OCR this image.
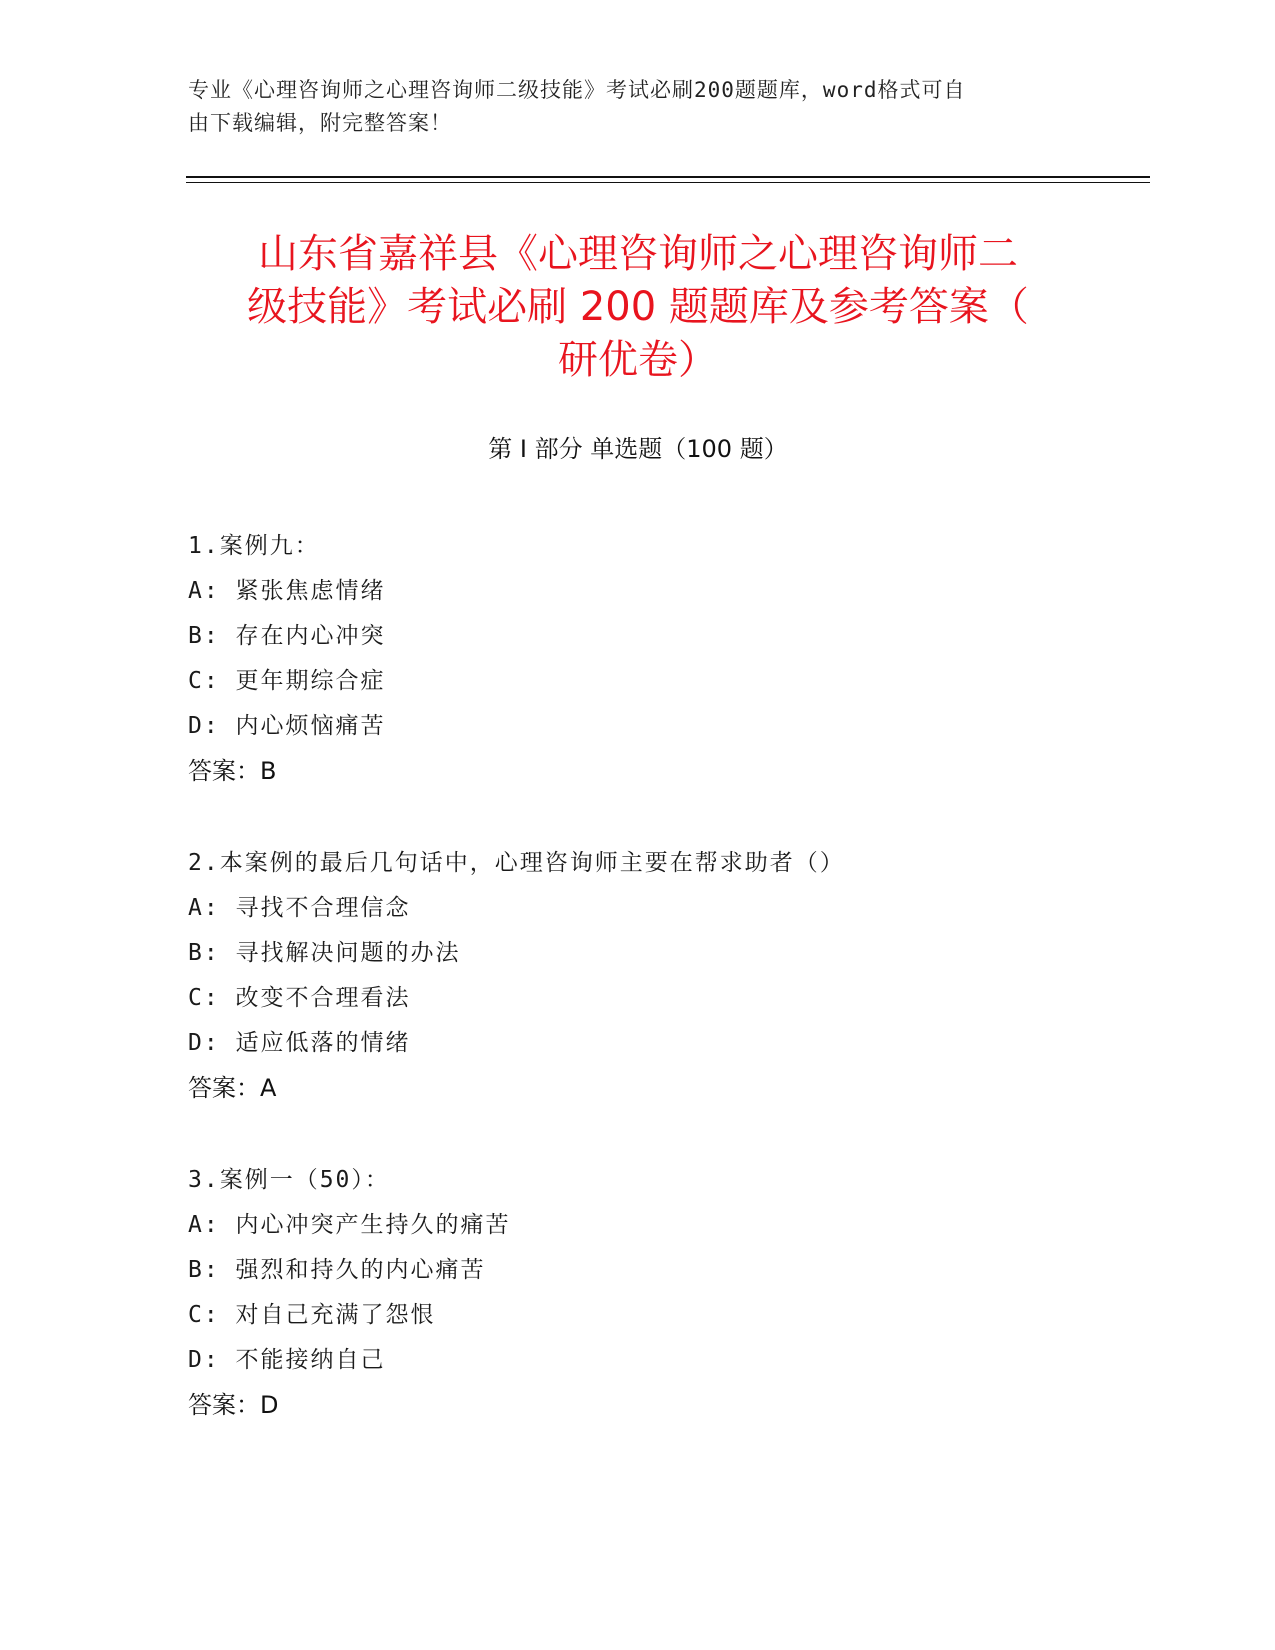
专业《心理咨询师之心理咨询师二级技能》考试必刷200题题库，word格式可自
由下载编辑，附完整答案！
山东省嘉祥县《心理咨询师之心理咨询师二
级技能》考试必刷 200 题题库及参考答案（
研优卷）
第 I 部分 单选题（100 题）
1.案例九：
A: 紧张焦虑情绪
B: 存在内心冲突
C: 更年期综合症
D: 内心烦恼痛苦
答案：B
2.本案例的最后几句话中，心理咨询师主要在帮求助者（）
A: 寻找不合理信念
B: 寻找解决问题的办法
C: 改变不合理看法
D: 适应低落的情绪
答案：A
3.案例一（50）：
A: 内心冲突产生持久的痛苦
B: 强烈和持久的内心痛苦
C: 对自己充满了怨恨
D: 不能接纳自己
答案：D
